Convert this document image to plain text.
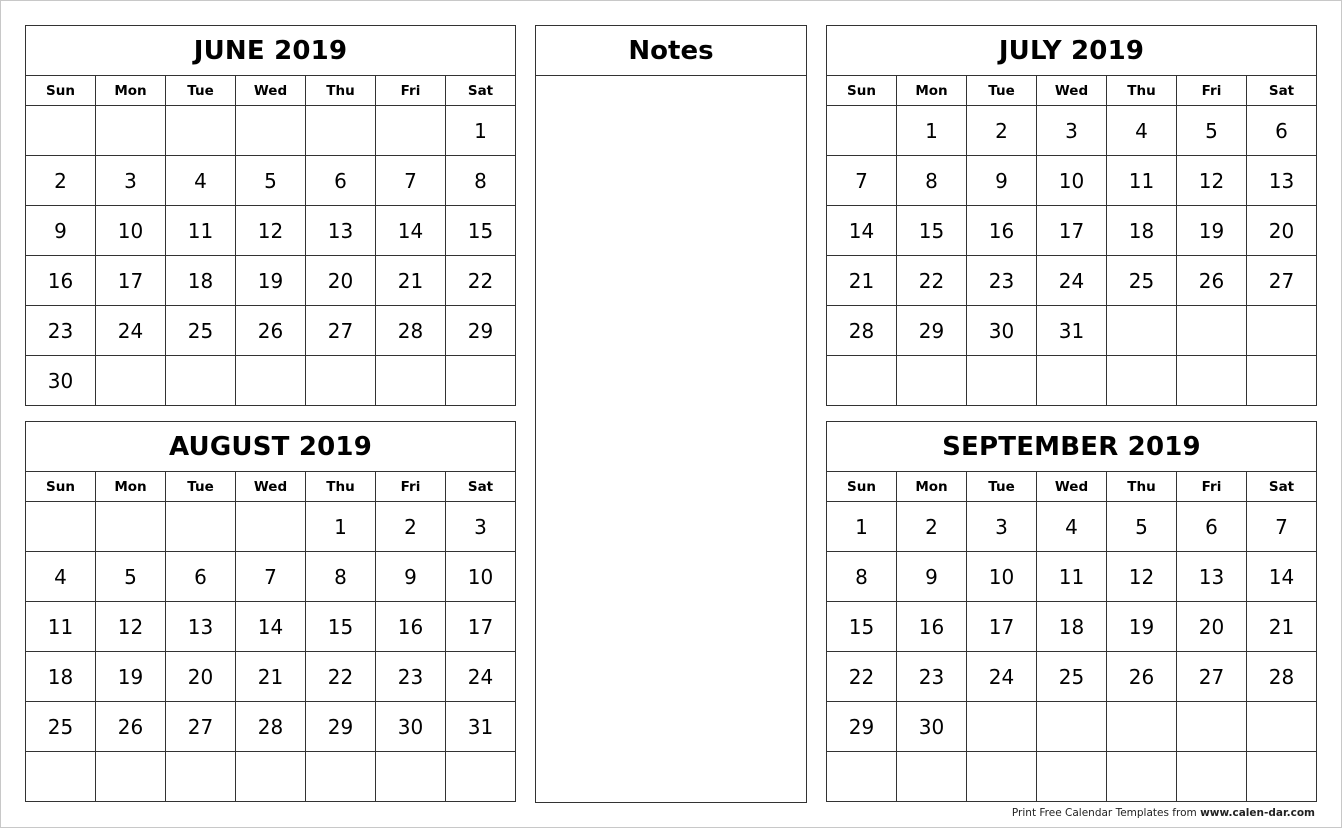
JUNE 2019						
Sun	Mon	Tue	Wed	Thu	Fri	Sat
						1
2	3	4	5	6	7	8
9	10	11	12	13	14	15
16	17	18	19	20	21	22
23	24	25	26	27	28	29
30						
JULY 2019						
Sun	Mon	Tue	Wed	Thu	Fri	Sat
	1	2	3	4	5	6
7	8	9	10	11	12	13
14	15	16	17	18	19	20
21	22	23	24	25	26	27
28	29	30	31			

AUGUST 2019						
Sun	Mon	Tue	Wed	Thu	Fri	Sat
				1	2	3
4	5	6	7	8	9	10
11	12	13	14	15	16	17
18	19	20	21	22	23	24
25	26	27	28	29	30	31

SEPTEMBER 2019						
Sun	Mon	Tue	Wed	Thu	Fri	Sat
1	2	3	4	5	6	7
8	9	10	11	12	13	14
15	16	17	18	19	20	21
22	23	24	25	26	27	28
29	30					

Notes
Print Free Calendar Templates from www.calen-dar.com
